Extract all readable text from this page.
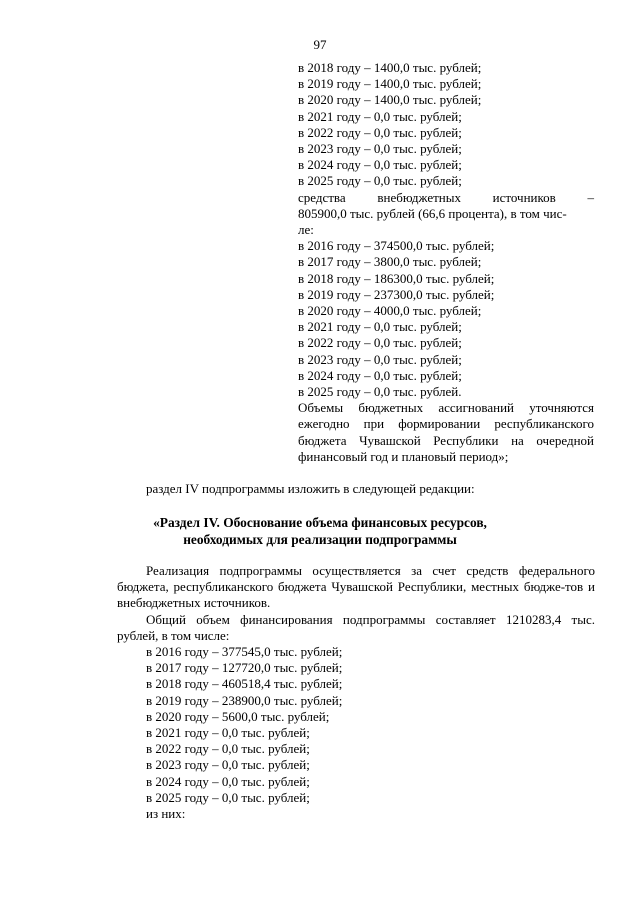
97
в 2018 году – 1400,0 тыс. рублей;
в 2019 году – 1400,0 тыс. рублей;
в 2020 году – 1400,0 тыс. рублей;
в 2021 году – 0,0 тыс. рублей;
в 2022 году – 0,0 тыс. рублей;
в 2023 году – 0,0 тыс. рублей;
в 2024 году – 0,0 тыс. рублей;
в 2025 году – 0,0 тыс. рублей;
средства внебюджетных источников –
805900,0 тыс. рублей (66,6 процента), в том чис-
ле:
в 2016 году – 374500,0 тыс. рублей;
в 2017 году – 3800,0 тыс. рублей;
в 2018 году – 186300,0 тыс. рублей;
в 2019 году – 237300,0 тыс. рублей;
в 2020 году – 4000,0 тыс. рублей;
в 2021 году – 0,0 тыс. рублей;
в 2022 году – 0,0 тыс. рублей;
в 2023 году – 0,0 тыс. рублей;
в 2024 году – 0,0 тыс. рублей;
в 2025 году – 0,0 тыс. рублей.
Объемы бюджетных ассигнований уточняются ежегодно при формировании республиканского бюджета Чувашской Республики на очередной финансовый год и плановый период»;
раздел IV подпрограммы изложить в следующей редакции:
«Раздел IV. Обоснование объема финансовых ресурсов,
необходимых для реализации подпрограммы
Реализация подпрограммы осуществляется за счет средств федерального бюджета, республиканского бюджета Чувашской Республики, местных бюдже-тов и внебюджетных источников.
Общий объем финансирования подпрограммы составляет 1210283,4 тыс. рублей, в том числе:
в 2016 году – 377545,0 тыс. рублей;
в 2017 году – 127720,0 тыс. рублей;
в 2018 году – 460518,4 тыс. рублей;
в 2019 году – 238900,0 тыс. рублей;
в 2020 году – 5600,0 тыс. рублей;
в 2021 году – 0,0 тыс. рублей;
в 2022 году – 0,0 тыс. рублей;
в 2023 году – 0,0 тыс. рублей;
в 2024 году – 0,0 тыс. рублей;
в 2025 году – 0,0 тыс. рублей;
из них:
